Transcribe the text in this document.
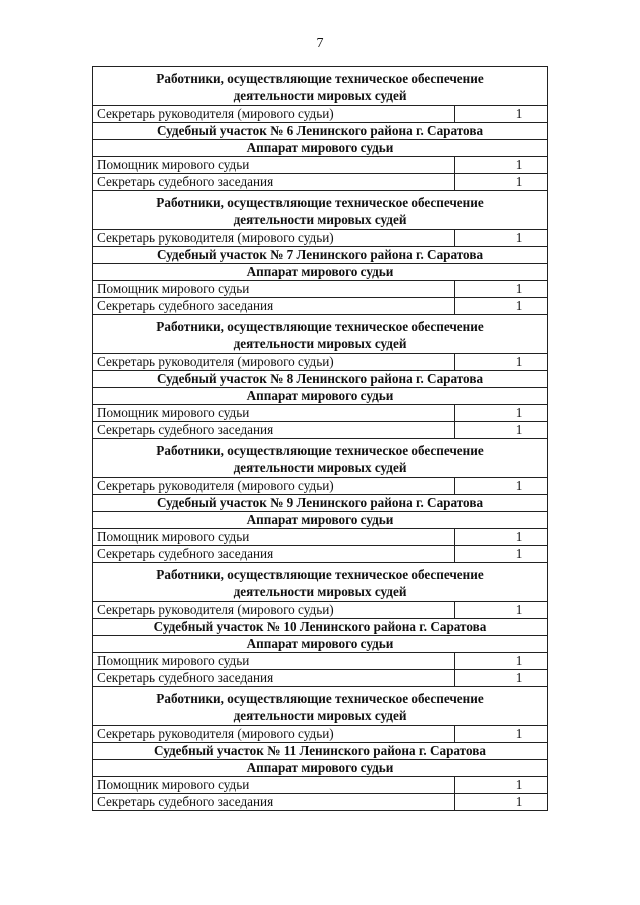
7
Работники, осуществляющие техническое обеспечение
деятельности мировых судей	

Секретарь руководителя (мирового судьи)	1
Судебный участок № 6 Ленинского района г. Саратова	
Аппарат мирового судьи	
Помощник мирового судьи	1
Секретарь судебного заседания	1

Работники, осуществляющие техническое обеспечение
деятельности мировых судей	

Секретарь руководителя (мирового судьи)	1
Судебный участок № 7 Ленинского района г. Саратова	
Аппарат мирового судьи	
Помощник мирового судьи	1
Секретарь судебного заседания	1

Работники, осуществляющие техническое обеспечение
деятельности мировых судей	

Секретарь руководителя (мирового судьи)	1
Судебный участок № 8 Ленинского района г. Саратова	
Аппарат мирового судьи	
Помощник мирового судьи	1
Секретарь судебного заседания	1

Работники, осуществляющие техническое обеспечение
деятельности мировых судей	

Секретарь руководителя (мирового судьи)	1
Судебный участок № 9 Ленинского района г. Саратова	
Аппарат мирового судьи	
Помощник мирового судьи	1
Секретарь судебного заседания	1

Работники, осуществляющие техническое обеспечение
деятельности мировых судей	

Секретарь руководителя (мирового судьи)	1
Судебный участок № 10 Ленинского района г. Саратова	
Аппарат мирового судьи	
Помощник мирового судьи	1
Секретарь судебного заседания	1

Работники, осуществляющие техническое обеспечение
деятельности мировых судей	

Секретарь руководителя (мирового судьи)	1
Судебный участок № 11 Ленинского района г. Саратова	
Аппарат мирового судьи	
Помощник мирового судьи	1
Секретарь судебного заседания	1
